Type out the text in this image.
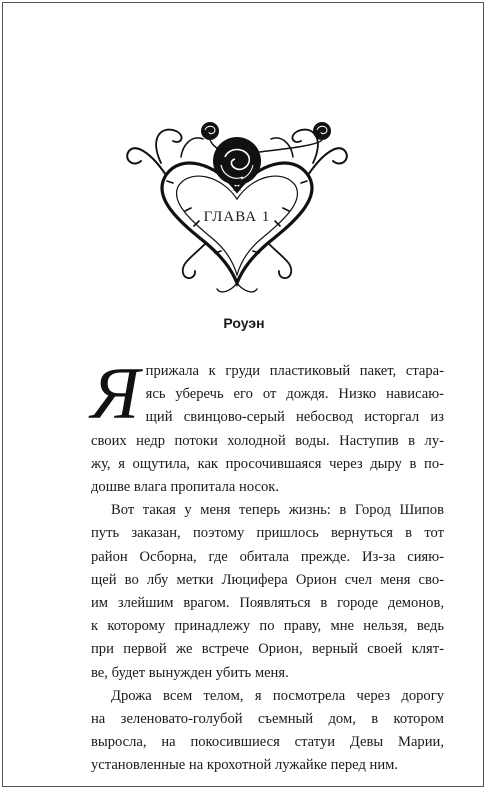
ГЛАВА 1
Роуэн

Я прижала к груди пластиковый пакет, стара-
ясь уберечь его от дождя. Низко нависаю-
щий свинцово-серый небосвод исторгал из
своих недр потоки холодной воды. Наступив в лу-
жу, я ощутила, как просочившаяся через дыру в по-
дошве влага пропитала носок.

Вот такая у меня теперь жизнь: в Город Шипов
путь заказан, поэтому пришлось вернуться в тот
район Осборна, где обитала прежде. Из-за сияю-
щей во лбу метки Люцифера Орион счел меня сво-
им злейшим врагом. Появляться в городе демонов,
к которому принадлежу по праву, мне нельзя, ведь
при первой же встрече Орион, верный своей клят-
ве, будет вынужден убить меня.

Дрожа всем телом, я посмотрела через дорогу
на зеленовато-голубой съемный дом, в котором
выросла, на покосившиеся статуи Девы Марии,
установленные на крохотной лужайке перед ним.
